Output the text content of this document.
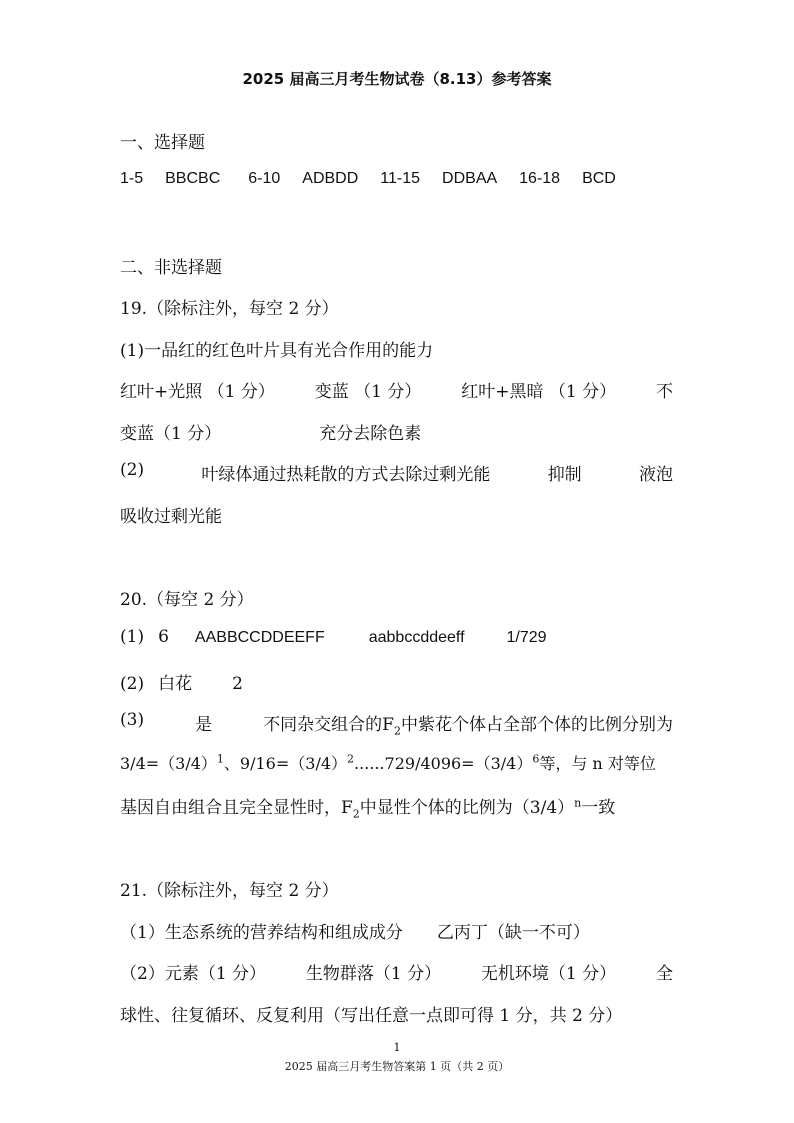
2025 届高三月考生物试卷（8.13）参考答案
一、选择题
1-5 BBCBC 6-10 ADBDD 11-15 DDBAA 16-18 BCD
二、非选择题
19.（除标注外，每空 2 分）
(1)一品红的红色叶片具有光合作用的能力
红叶+光照 （1 分） 变蓝 （1 分） 红叶+黑暗 （1 分） 不
变蓝（1 分）	充分去除色素
(2)	叶绿体通过热耗散的方式去除过剩光能	抑制	液泡
吸收过剩光能
20.（每空 2 分）
(1) 6 AABBCCDDEEFF	aabbccddeeff	1/729
(2) 白花 2
(3)	是	不同杂交组合的$F_2$中紫花个体占全部个体的比例分别为
$3/4=(3/4)^1$、$9/16=(3/4)^2......729/4096=(3/4)^6$等，与 n 对等位
基因自由组合且完全显性时，$F_2$中显性个体的比例为$(3/4)^n$一致
21.（除标注外，每空 2 分）
（1）生态系统的营养结构和组成成分 乙丙丁（缺一不可）
（2）元素（1 分） 生物群落（1 分） 无机环境（1 分） 全
球性、往复循环、反复利用（写出任意一点即可得 1 分，共 2 分）
1
2025 届高三月考生物答案第 1 页（共 2 页）
